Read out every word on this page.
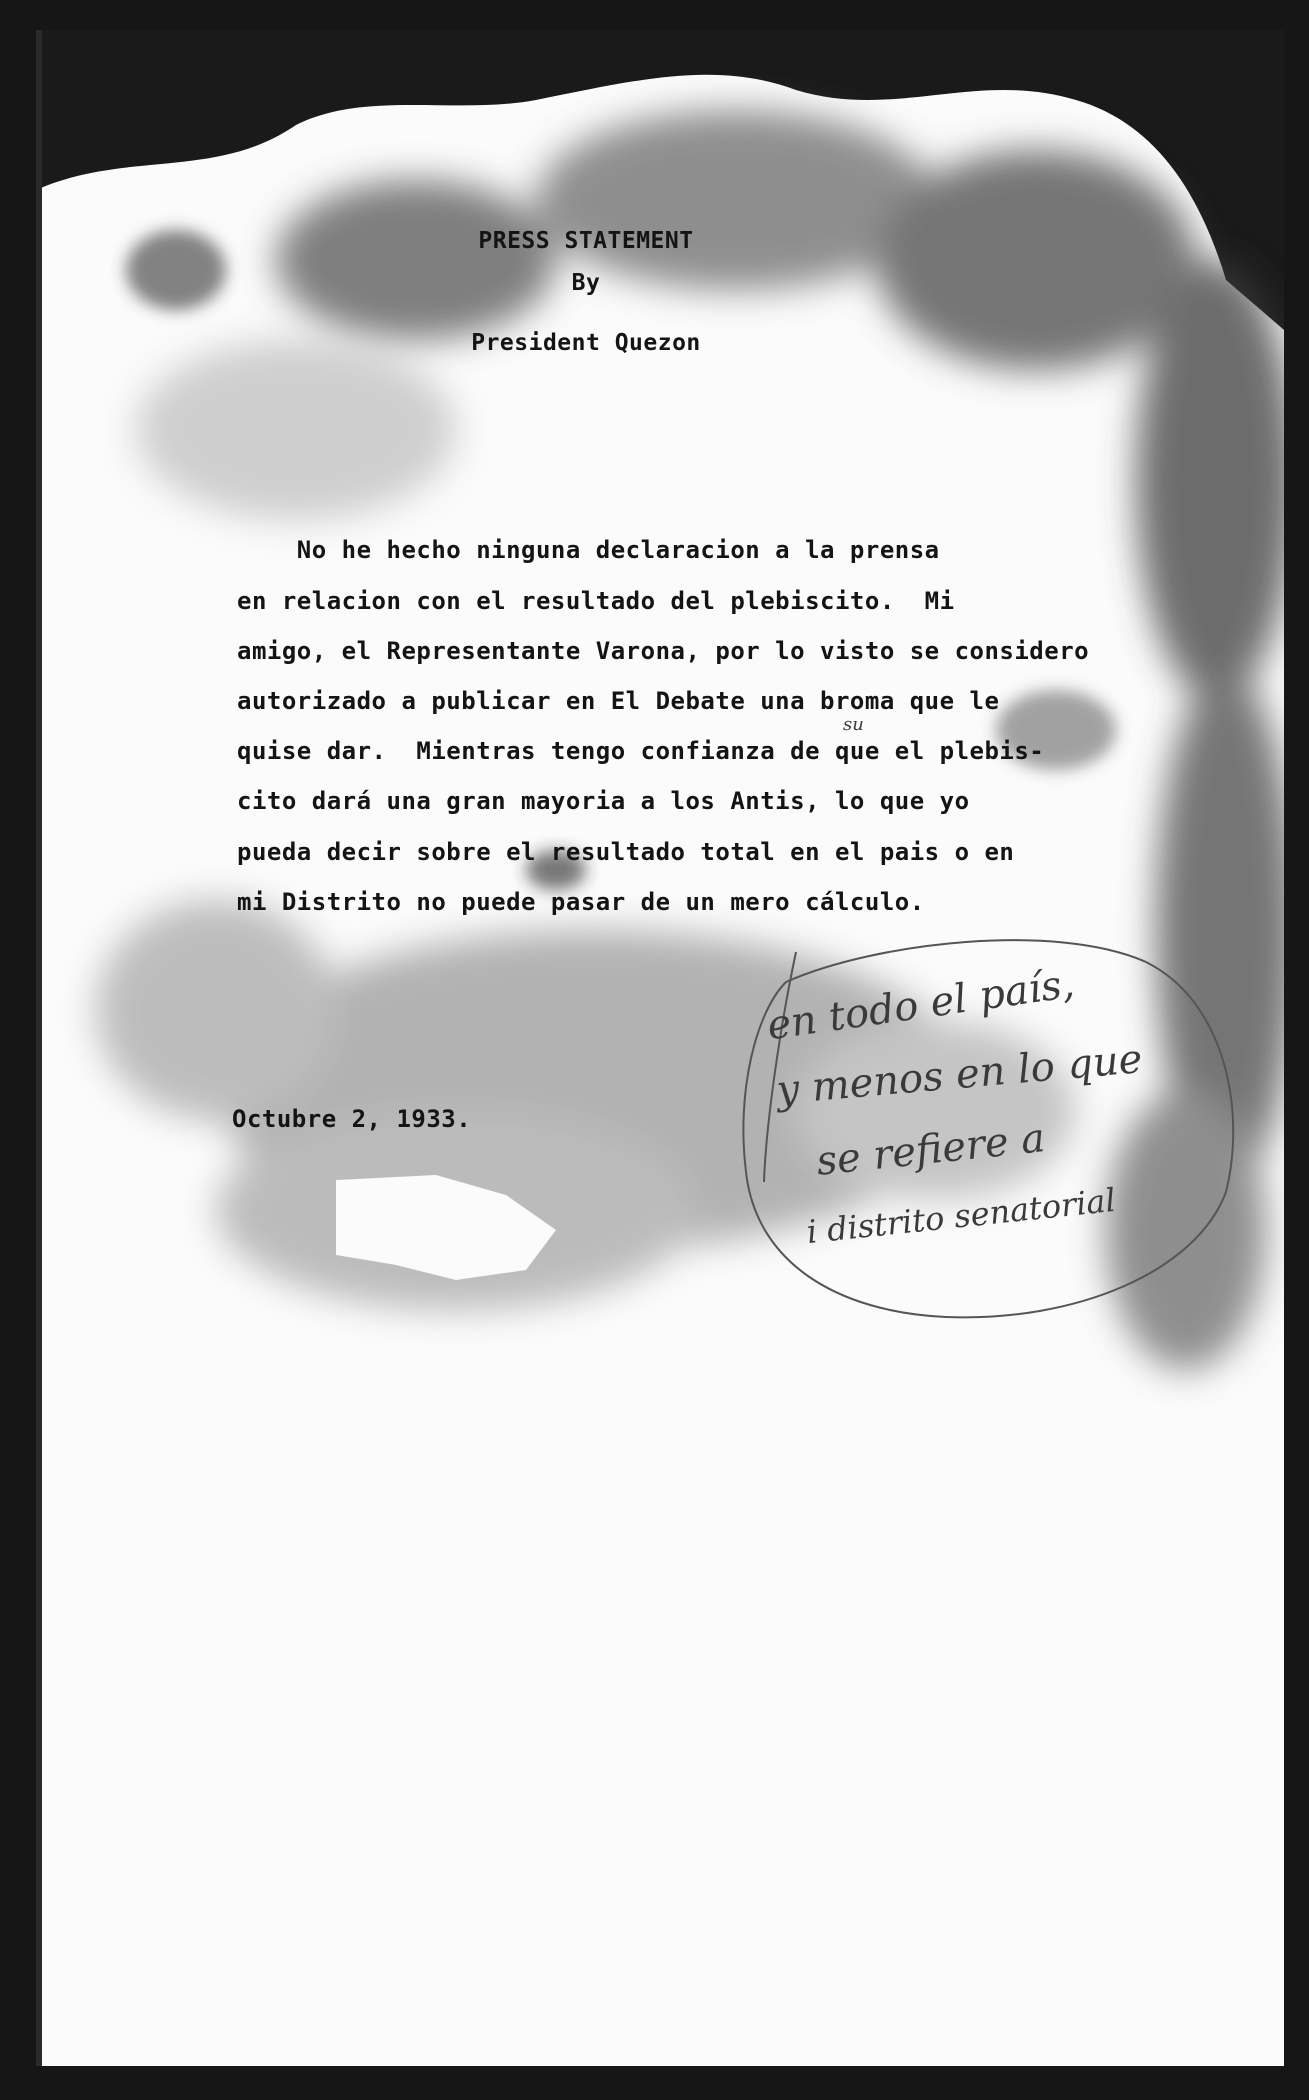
PRESS STATEMENT
By
President Quezon
No he hecho ninguna declaracion a la prensa
en relacion con el resultado del plebiscito.  Mi
amigo, el Representante Varona, por lo visto se considero
autorizado a publicar en El Debate una broma que le
su
quise dar.  Mientras tengo confianza de que el plebis-
cito dará una gran mayoria a los Antis, lo que yo
pueda decir sobre el resultado total en el pais o en
mi Distrito no puede pasar de un mero cálculo.
Octubre 2, 1933.
en todo el país,
y menos en lo que
se refiere a
i distrito senatorial
